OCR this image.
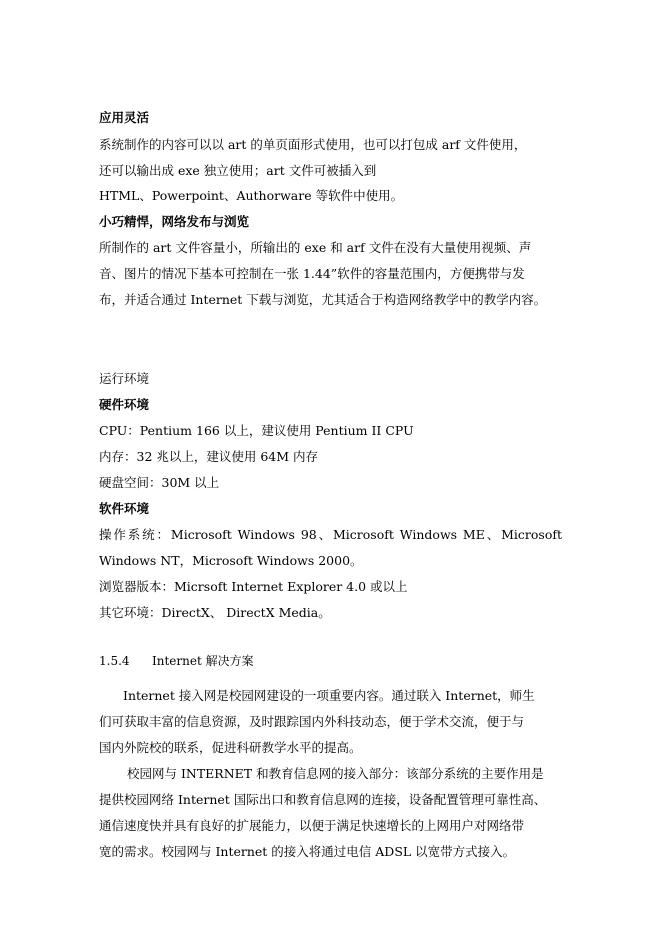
应用灵活
系统制作的内容可以以 art 的单页面形式使用，也可以打包成 arf 文件使用，
还可以输出成 exe 独立使用；art 文件可被插入到
HTML、Powerpoint、Authorware 等软件中使用。
小巧精悍，网络发布与浏览
所制作的 art 文件容量小，所输出的 exe 和 arf 文件在没有大量使用视频、声
音、图片的情况下基本可控制在一张 1.44”软件的容量范围内，方便携带与发
布，并适合通过 Internet 下载与浏览，尤其适合于构造网络教学中的教学内容。
运行环境
硬件环境
CPU：Pentium 166 以上，建议使用 Pentium II CPU
内存：32 兆以上，建议使用 64M 内存
硬盘空间：30M 以上
软件环境
操作系统：Microsoft Windows 98、Microsoft Windows ME、Microsoft
Windows NT，Microsoft Windows 2000。
浏览器版本：Micrsoft Internet Explorer 4.0 或以上
其它环境：DirectX、 DirectX Media。
1.5.4 Internet 解决方案
Internet 接入网是校园网建设的一项重要内容。通过联入 Internet，师生
们可获取丰富的信息资源，及时跟踪国内外科技动态，便于学术交流，便于与
国内外院校的联系，促进科研教学水平的提高。
校园网与 INTERNET 和教育信息网的接入部分：该部分系统的主要作用是
提供校园网络 Internet 国际出口和教育信息网的连接，设备配置管理可靠性高、
通信速度快并具有良好的扩展能力，以便于满足快速增长的上网用户对网络带
宽的需求。校园网与 Internet 的接入将通过电信 ADSL 以宽带方式接入。
